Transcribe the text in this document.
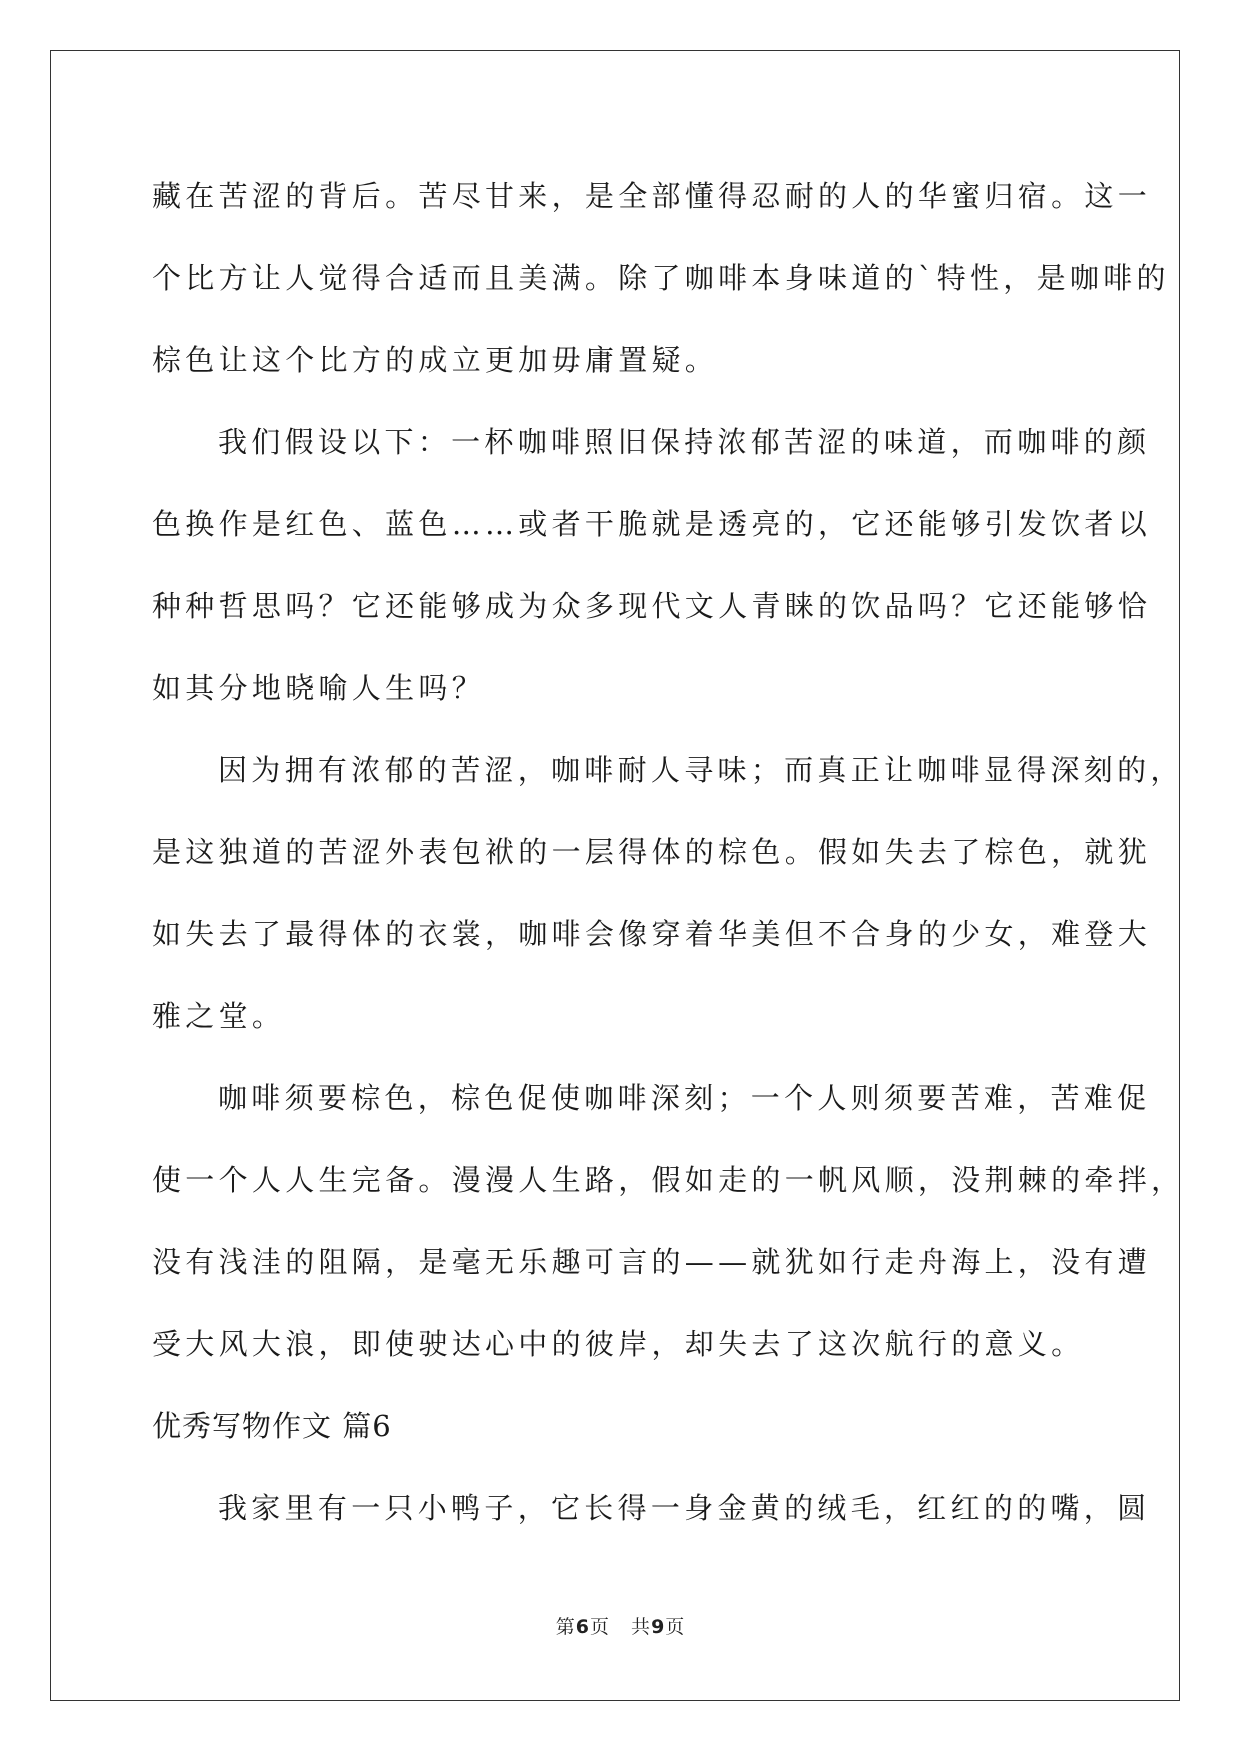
藏在苦涩的背后。苦尽甘来，是全部懂得忍耐的人的华蜜归宿。这一
个比方让人觉得合适而且美满。除了咖啡本身味道的`特性，是咖啡的
棕色让这个比方的成立更加毋庸置疑。
我们假设以下：一杯咖啡照旧保持浓郁苦涩的味道，而咖啡的颜
色换作是红色、蓝色……或者干脆就是透亮的，它还能够引发饮者以
种种哲思吗？它还能够成为众多现代文人青睐的饮品吗？它还能够恰
如其分地晓喻人生吗？
因为拥有浓郁的苦涩，咖啡耐人寻味；而真正让咖啡显得深刻的，
是这独道的苦涩外表包袱的一层得体的棕色。假如失去了棕色，就犹
如失去了最得体的衣裳，咖啡会像穿着华美但不合身的少女，难登大
雅之堂。
咖啡须要棕色，棕色促使咖啡深刻；一个人则须要苦难，苦难促
使一个人人生完备。漫漫人生路，假如走的一帆风顺，没荆棘的牵拌，
没有浅洼的阻隔，是毫无乐趣可言的——就犹如行走舟海上，没有遭
受大风大浪，即使驶达心中的彼岸，却失去了这次航行的意义。
优秀写物作文 篇6
我家里有一只小鸭子，它长得一身金黄的绒毛，红红的的嘴，圆
第6页   共9页
